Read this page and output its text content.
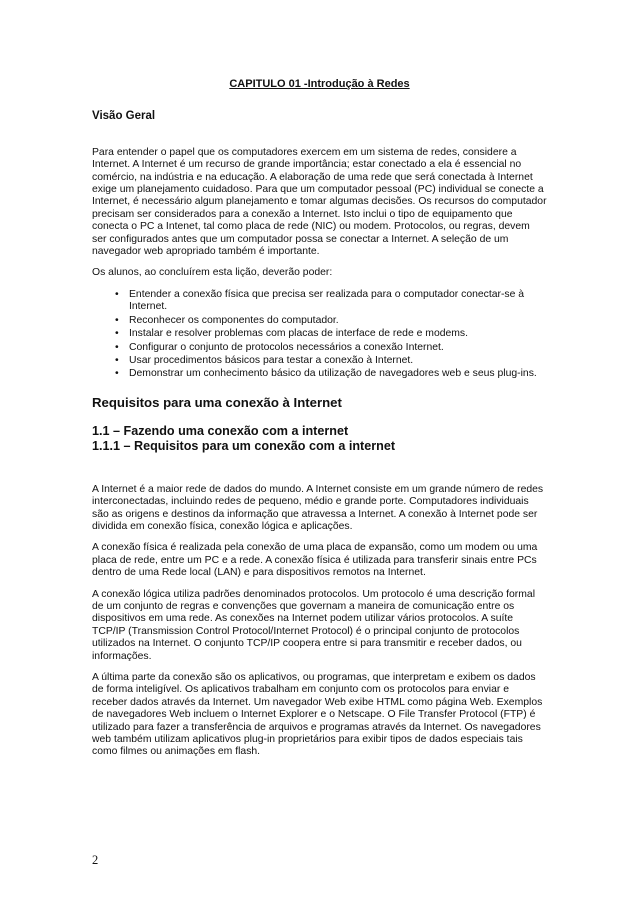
CAPITULO 01 -Introdução à Redes
Visão Geral

Para entender o papel que os computadores exercem em um sistema de redes, considere a Internet. A Internet é um recurso de grande importância; estar conectado a ela é essencial no comércio, na indústria e na educação. A elaboração de uma rede que será conectada à Internet exige um planejamento cuidadoso. Para que um computador pessoal (PC) individual se conecte a Internet, é necessário algum planejamento e tomar algumas decisões. Os recursos do computador precisam ser considerados para a conexão a Internet. Isto inclui o tipo de equipamento que conecta o PC a Intenet, tal como placa de rede (NIC) ou modem. Protocolos, ou regras, devem ser configurados antes que um computador possa se conectar a Internet. A seleção de um navegador web apropriado também é importante.

Os alunos, ao concluírem esta lição, deverão poder:

• Entender a conexão física que precisa ser realizada para o computador conectar-se à Internet.
• Reconhecer os componentes do computador.
• Instalar e resolver problemas com placas de interface de rede e modems.
• Configurar o conjunto de protocolos necessários a conexão Internet.
• Usar procedimentos básicos para testar a conexão à Internet.
• Demonstrar um conhecimento básico da utilização de navegadores web e seus plug-ins.
Requisitos para uma conexão à Internet
1.1 – Fazendo uma conexão com a internet
1.1.1 – Requisitos para um conexão com a internet

A Internet é a maior rede de dados do mundo. A Internet consiste em um grande número de redes interconectadas, incluindo redes de pequeno, médio e grande porte. Computadores individuais são as origens e destinos da informação que atravessa a Internet. A conexão à Internet pode ser dividida em conexão física, conexão lógica e aplicações.

A conexão física é realizada pela conexão de uma placa de expansão, como um modem ou uma placa de rede, entre um PC e a rede. A conexão física é utilizada para transferir sinais entre PCs dentro de uma Rede local (LAN) e para dispositivos remotos na Internet.

A conexão lógica utiliza padrões denominados protocolos. Um protocolo é uma descrição formal de um conjunto de regras e convenções que governam a maneira de comunicação entre os dispositivos em uma rede. As conexões na Internet podem utilizar vários protocolos. A suíte TCP/IP (Transmission Control Protocol/Internet Protocol) é o principal conjunto de protocolos utilizados na Internet. O conjunto TCP/IP coopera entre si para transmitir e receber dados, ou informações.

A última parte da conexão são os aplicativos, ou programas, que interpretam e exibem os dados de forma inteligível. Os aplicativos trabalham em conjunto com os protocolos para enviar e receber dados através da Internet. Um navegador Web exibe HTML como página Web. Exemplos de navegadores Web incluem o Internet Explorer e o Netscape. O File Transfer Protocol (FTP) é utilizado para fazer a transferência de arquivos e programas através da Internet. Os navegadores web também utilizam aplicativos plug-in proprietários para exibir tipos de dados especiais tais como filmes ou animações em flash.

2
